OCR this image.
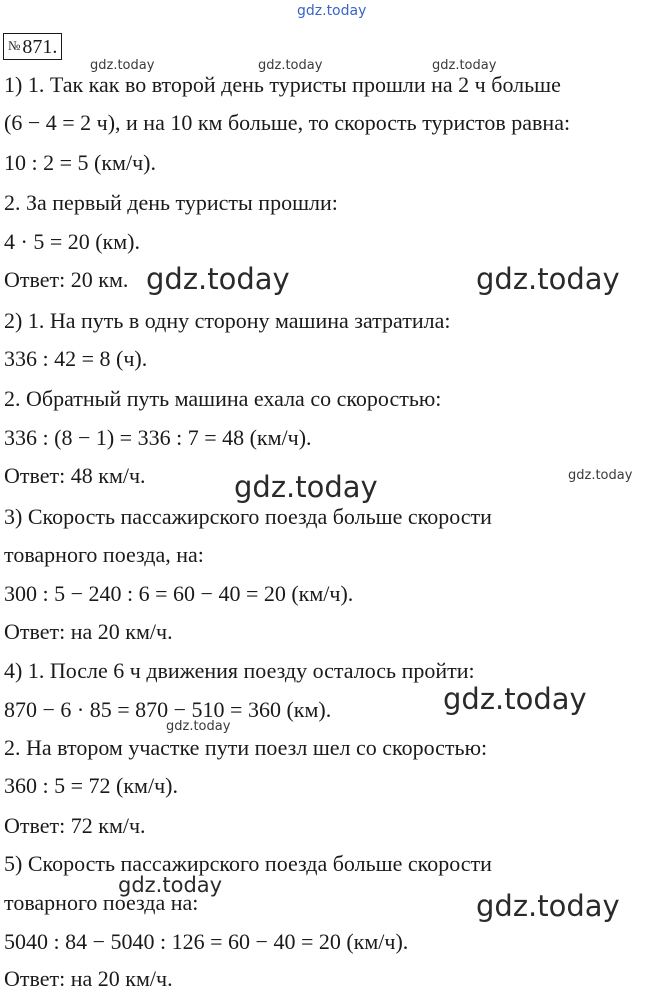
gdz.today
№ 871.
1) 1. Так как во второй день туристы прошли на 2 ч больше
(6 − 4 = 2 ч), и на 10 км больше, то скорость туристов равна:
10 : 2 = 5 (км/ч).
2. За первый день туристы прошли:
4 · 5 = 20 (км).
Ответ: 20 км.
2) 1. На путь в одну сторону машина затратила:
336 : 42 = 8 (ч).
2. Обратный путь машина ехала со скоростью:
336 : (8 − 1) = 336 : 7 = 48 (км/ч).
Ответ: 48 км/ч.
3) Скорость пассажирского поезда больше скорости
товарного поезда, на:
300 : 5 − 240 : 6 = 60 − 40 = 20 (км/ч).
Ответ: на 20 км/ч.
4) 1. После 6 ч движения поезду осталось пройти:
870 − 6 · 85 = 870 − 510 = 360 (км).
2. На втором участке пути поезл шел со скоростью:
360 : 5 = 72 (км/ч).
Ответ: 72 км/ч.
5) Скорость пассажирского поезда больше скорости
товарного поезда на:
5040 : 84 − 5040 : 126 = 60 − 40 = 20 (км/ч).
Ответ: на 20 км/ч.
gdz.today	gdz.today	gdz.today
gdz.today
gdz.today
gdz.today	gdz.today
gdz.today
gdz.today
gdz.today
gdz.today
